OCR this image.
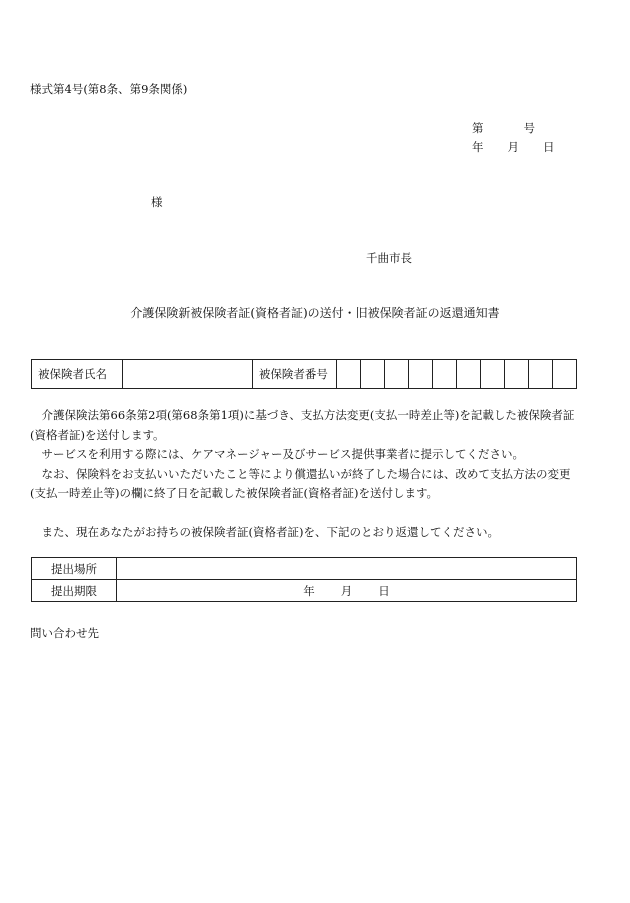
様式第4号(第8条、第9条関係)
第	号
年 月 日
様
千曲市長
介護保険新被保険者証(資格者証)の送付・旧被保険者証の返還通知書
被保険者氏名		被保険者番号										

介護保険法第66条第2項(第68条第1項)に基づき、支払方法変更(支払一時差止等)を記載した被保険者証(資格者証)を送付します。

サービスを利用する際には、ケアマネージャー及びサービス提供事業者に提示してください。

なお、保険料をお支払いいただいたこと等により償還払いが終了した場合には、改めて支払方法の変更(支払一時差止等)の欄に終了日を記載した被保険者証(資格者証)を送付します。

また、現在あなたがお持ちの被保険者証(資格者証)を、下記のとおり返還してください。

提出場所	
提出期限	年 月 日
問い合わせ先
